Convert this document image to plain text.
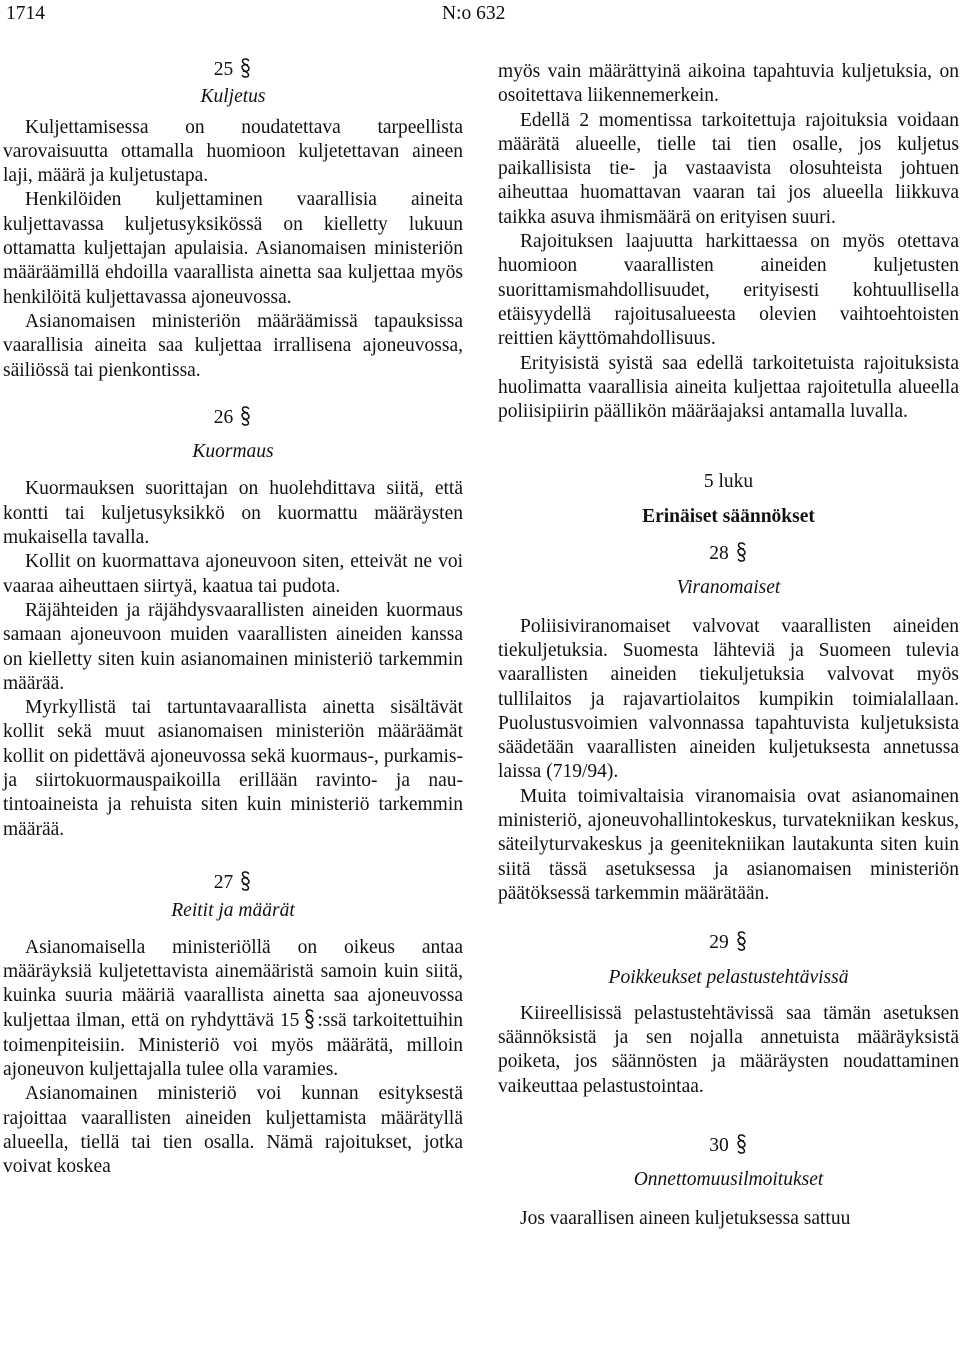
1714	N:o 632
25
Kuljetus

Kuljettamisessa on noudatettava tarpeellista varovaisuutta ottamalla huomioon kuljetettavan aineen laji, määrä ja kuljetustapa.

Henkilöiden kuljettaminen vaarallisia aineita kuljettavassa kuljetusyksikössä on kielletty lukuun ottamatta kuljettajan apulaisia. Asianomaisen ministeriön määräämillä ehdoilla vaarallista ainetta saa kuljettaa myös henkilöitä kuljettavassa ajoneuvossa.

Asianomaisen ministeriön määräämissä tapauksissa vaarallisia aineita saa kuljettaa irrallisena ajoneuvossa, säiliössä tai pienkontissa.

26
Kuormaus

Kuormauksen suorittajan on huolehdittava siitä, että kontti tai kuljetusyksikkö on kuormattu määräysten mukaisella tavalla.

Kollit on kuormattava ajoneuvoon siten, etteivät ne voi vaaraa aiheuttaen siirtyä, kaatua tai pudota.

Räjähteiden ja räjähdysvaarallisten aineiden kuormaus samaan ajoneuvoon muiden vaarallisten aineiden kanssa on kielletty siten kuin asianomainen ministeriö tarkemmin määrää.

Myrkyllistä tai tartuntavaarallista ainetta sisältävät kollit sekä muut asianomaisen ministeriön määräämät kollit on pidettävä ajoneuvossa sekä kuormaus-, purkamis- ja siirtokuormauspaikoilla erillään ravinto- ja nautintoaineista ja rehuista siten kuin ministeriö tarkemmin määrää.

27
Reitit ja määrät

Asianomaisella ministeriöllä on oikeus antaa määräyksiä kuljetettavista ainemääristä samoin kuin siitä, kuinka suuria määriä vaarallista ainetta saa ajoneuvossa kuljettaa ilman, että on ryhdyttävä 15 :ssä tarkoitettuihin toimenpiteisiin. Ministeriö voi myös määrätä, milloin ajoneuvon kuljettajalla tulee olla varamies.

Asianomainen ministeriö voi kunnan esityksestä rajoittaa vaarallisten aineiden kuljettamista määrätyllä alueella, tiellä tai tien osalla. Nämä rajoitukset, jotka voivat koskea

myös vain määrättyinä aikoina tapahtuvia kuljetuksia, on osoitettava liikennemerkein.

Edellä 2 momentissa tarkoitettuja rajoituksia voidaan määrätä alueelle, tielle tai tien osalle, jos kuljetus paikallisista tie- ja vastaavista olosuhteista johtuen aiheuttaa huomattavan vaaran tai jos alueella liikkuva taikka asuva ihmismäärä on erityisen suuri.

Rajoituksen laajuutta harkittaessa on myös otettava huomioon vaarallisten aineiden kuljetusten suorittamismahdollisuudet, erityisesti kohtuullisella etäisyydellä rajoitusalueesta olevien vaihtoehtoisten reittien käyttömahdollisuus.

Erityisistä syistä saa edellä tarkoitetuista rajoituksista huolimatta vaarallisia aineita kuljettaa rajoitetulla alueella poliisipiirin päällikön määräajaksi antamalla luvalla.

5 luku
Erinäiset säännökset
28
Viranomaiset

Poliisiviranomaiset valvovat vaarallisten aineiden tiekuljetuksia. Suomesta lähteviä ja Suomeen tulevia vaarallisten aineiden tiekuljetuksia valvovat myös tullilaitos ja rajavartiolaitos kumpikin toimialallaan. Puolustusvoimien valvonnassa tapahtuvista kuljetuksista säädetään vaarallisten aineiden kuljetuksesta annetussa laissa (719/94).

Muita toimivaltaisia viranomaisia ovat asianomainen ministeriö, ajoneuvohallintokeskus, turvatekniikan keskus, säteilyturvakeskus ja geenitekniikan lautakunta siten kuin siitä tässä asetuksessa ja asianomaisen ministeriön päätöksessä tarkemmin määrätään.

29
Poikkeukset pelastustehtävissä

Kiireellisissä pelastustehtävissä saa tämän asetuksen säännöksistä ja sen nojalla annetuista määräyksistä poiketa, jos säännösten ja määräysten noudattaminen vaikeuttaa pelastustointaa.

30
Onnettomuusilmoitukset

Jos vaarallisen aineen kuljetuksessa sattuu
